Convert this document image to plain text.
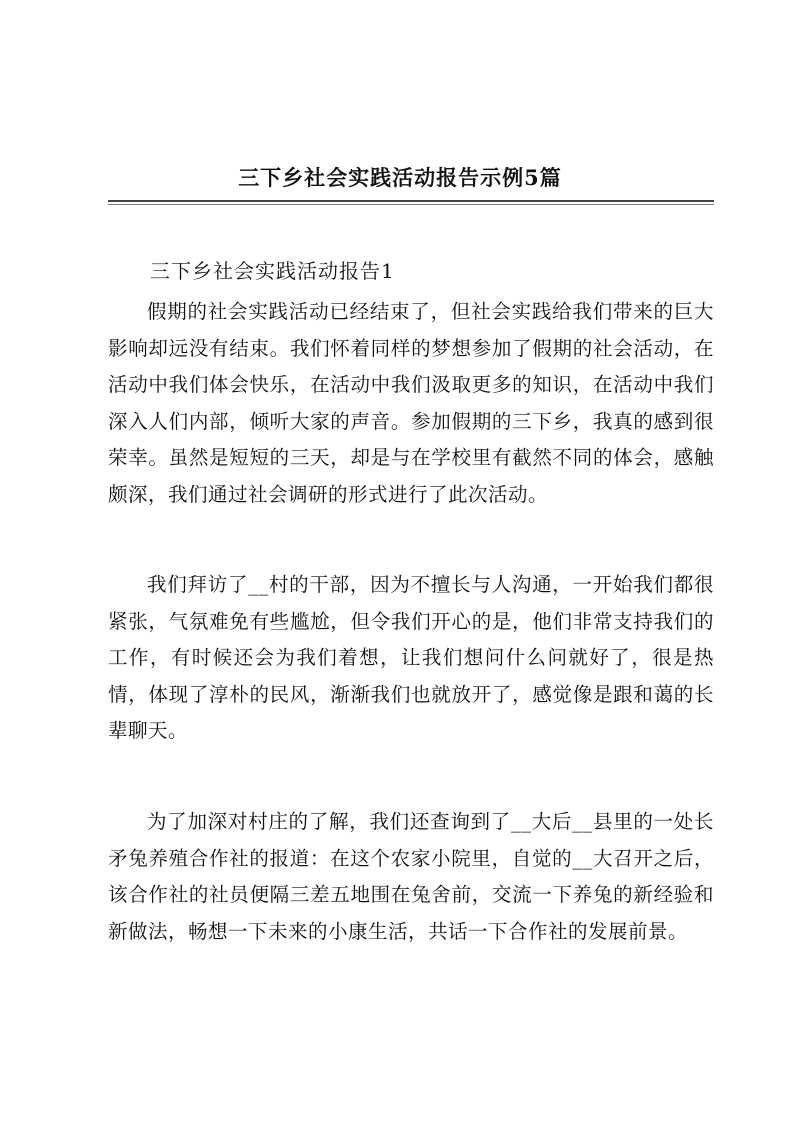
三下乡社会实践活动报告示例5篇
三下乡社会实践活动报告1

假期的社会实践活动已经结束了，但社会实践给我们带来的巨大影响却远没有结束。我们怀着同样的梦想参加了假期的社会活动，在活动中我们体会快乐，在活动中我们汲取更多的知识，在活动中我们深入人们内部，倾听大家的声音。参加假期的三下乡，我真的感到很荣幸。虽然是短短的三天，却是与在学校里有截然不同的体会，感触颇深，我们通过社会调研的形式进行了此次活动。

我们拜访了__村的干部，因为不擅长与人沟通，一开始我们都很紧张，气氛难免有些尴尬，但令我们开心的是，他们非常支持我们的工作，有时候还会为我们着想，让我们想问什么问就好了，很是热情，体现了淳朴的民风，渐渐我们也就放开了，感觉像是跟和蔼的长辈聊天。

为了加深对村庄的了解，我们还查询到了__大后__县里的一处长矛兔养殖合作社的报道：在这个农家小院里，自觉的__大召开之后，该合作社的社员便隔三差五地围在兔舍前，交流一下养兔的新经验和新做法，畅想一下未来的小康生活，共话一下合作社的发展前景。
